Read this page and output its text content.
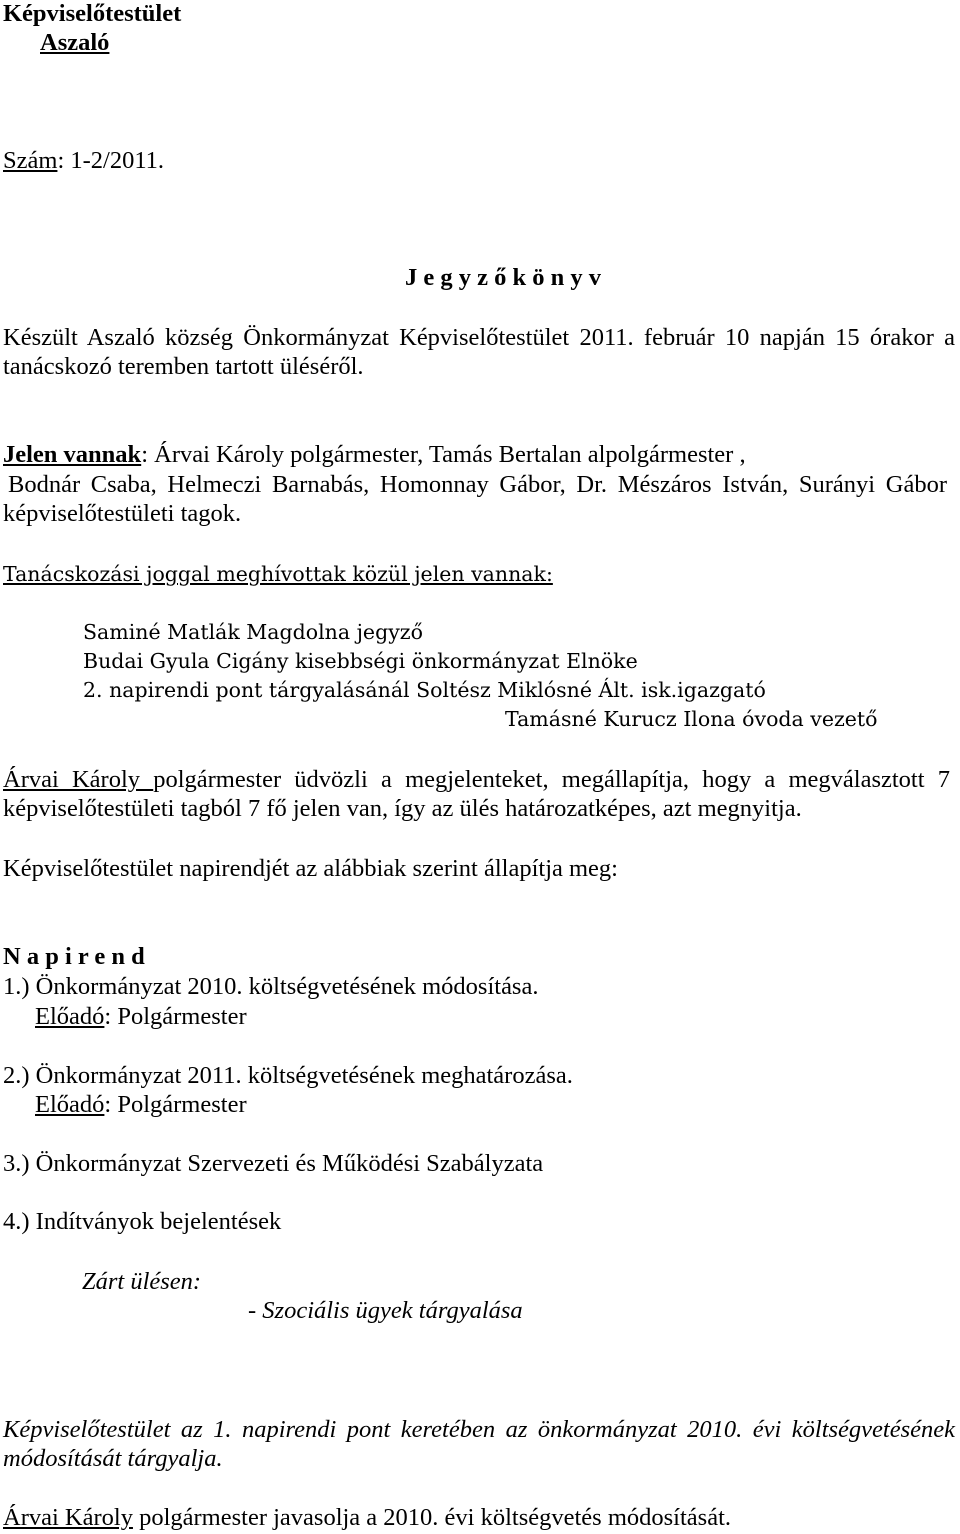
Képviselőtestület
Aszaló
Szám: 1-2/2011.
J e g y z ő k ö n y v
Készült Aszaló község Önkormányzat Képviselőtestület 2011. február 10 napján 15 órakor a
tanácskozó teremben tartott üléséről.
Jelen vannak: Árvai Károly polgármester, Tamás Bertalan alpolgármester ,
Bodnár Csaba, Helmeczi Barnabás, Homonnay Gábor, Dr. Mészáros István, Surányi Gábor
képviselőtestületi tagok.
Tanácskozási joggal meghívottak közül jelen vannak:
Saminé Matlák Magdolna jegyző
Budai Gyula Cigány kisebbségi önkormányzat Elnöke
2. napirendi pont tárgyalásánál Soltész Miklósné Ált. isk.igazgató
Tamásné Kurucz Ilona óvoda vezető
Árvai Károly polgármester üdvözli a megjelenteket, megállapítja, hogy a megválasztott 7
képviselőtestületi tagból 7 fő jelen van, így az ülés határozatképes, azt megnyitja.
Képviselőtestület napirendjét az alábbiak szerint állapítja meg:
N a p i r e n d
1.) Önkormányzat 2010. költségvetésének módosítása.
Előadó: Polgármester
2.) Önkormányzat 2011. költségvetésének meghatározása.
Előadó: Polgármester
3.) Önkormányzat Szervezeti és Működési Szabályzata
4.) Indítványok bejelentések
Zárt ülésen:
- Szociális ügyek tárgyalása
Képviselőtestület az 1. napirendi pont keretében az önkormányzat 2010. évi költségvetésének
módosítását tárgyalja.
Árvai Károly polgármester javasolja a 2010. évi költségvetés módosítását.
